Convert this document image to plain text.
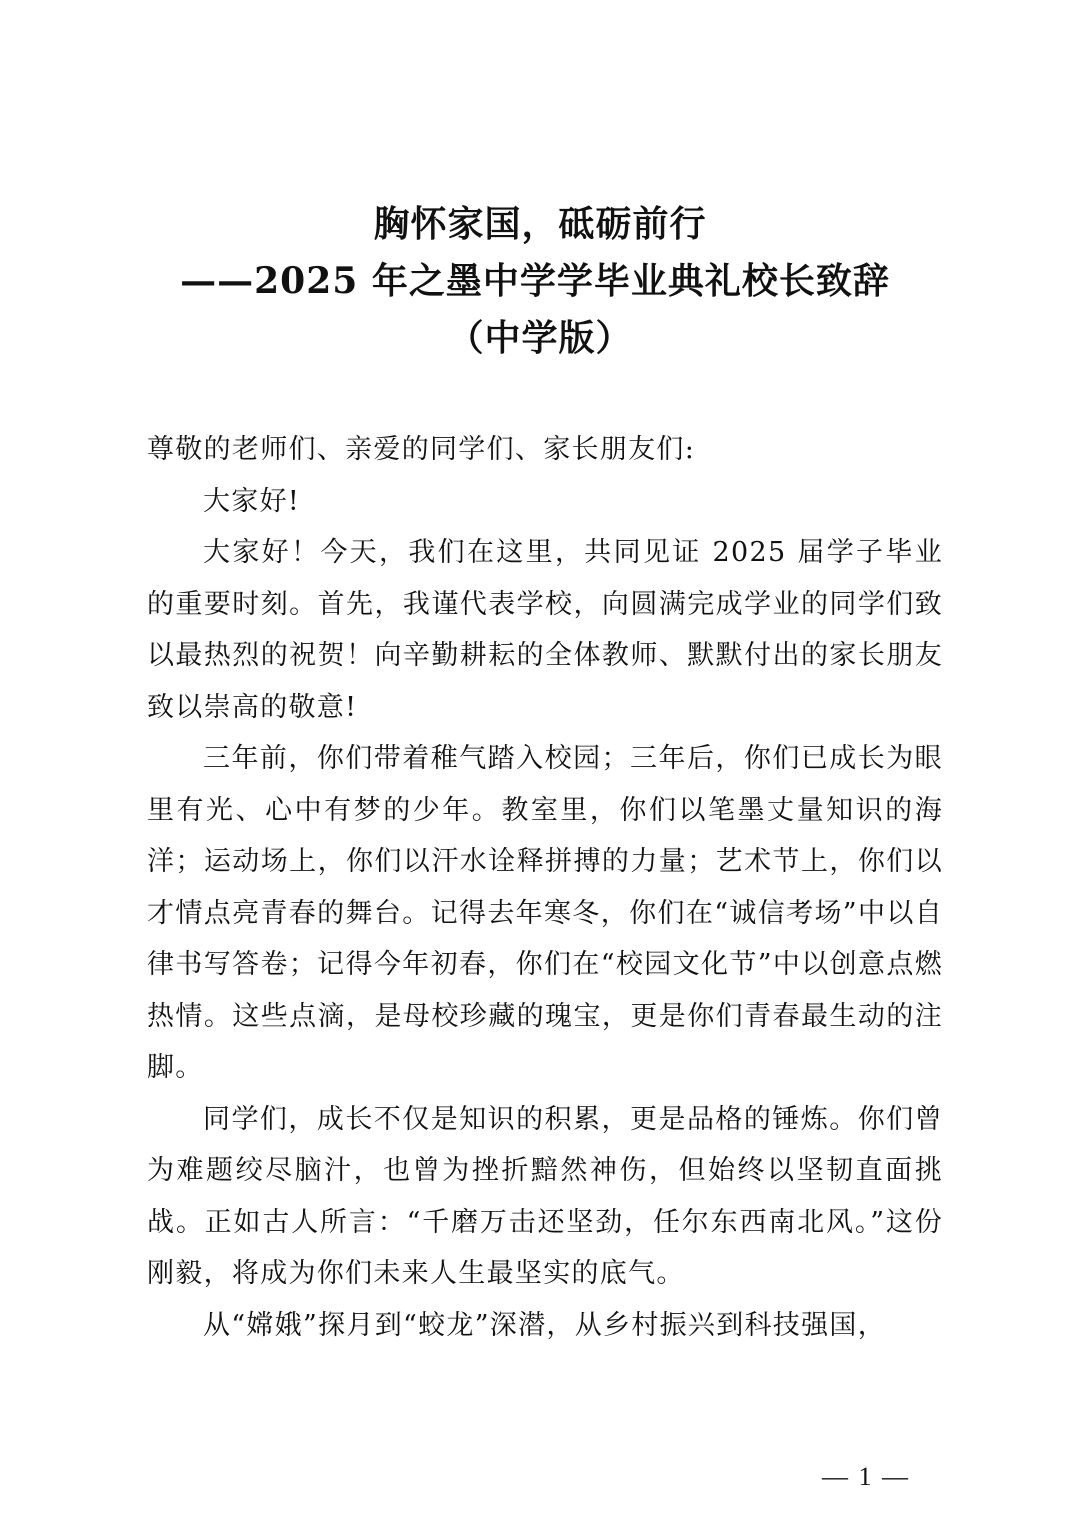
胸怀家国，砥砺前行
——2025 年之墨中学学毕业典礼校长致辞
（中学版）

尊敬的老师们、亲爱的同学们、家长朋友们:

大家好!

大家好！今天，我们在这里，共同见证 2025 届学子毕业的重要时刻。首先，我谨代表学校，向圆满完成学业的同学们致以最热烈的祝贺！向辛勤耕耘的全体教师、默默付出的家长朋友致以崇高的敬意!

三年前，你们带着稚气踏入校园；三年后，你们已成长为眼里有光、心中有梦的少年。教室里，你们以笔墨丈量知识的海洋；运动场上，你们以汗水诠释拼搏的力量；艺术节上，你们以才情点亮青春的舞台。记得去年寒冬，你们在“诚信考场”中以自律书写答卷；记得今年初春，你们在“校园文化节”中以创意点燃热情。这些点滴，是母校珍藏的瑰宝，更是你们青春最生动的注脚。

同学们，成长不仅是知识的积累，更是品格的锤炼。你们曾为难题绞尽脑汁，也曾为挫折黯然神伤，但始终以坚韧直面挑战。正如古人所言：“千磨万击还坚劲，任尔东西南北风。”这份刚毅，将成为你们未来人生最坚实的底气。

从“嫦娥”探月到“蛟龙”深潜，从乡村振兴到科技强国，

— 1 —
